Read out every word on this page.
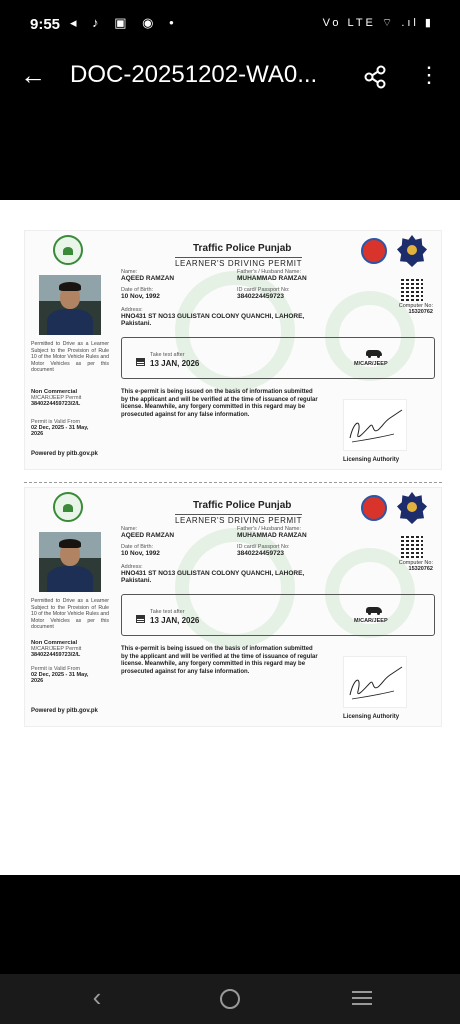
9:55 ◂ ♪ ▣ ◉ •	Vo LTE ⌔ .ıl ▮
← DOC-20251202-WA0...	⋮
Traffic Police Punjab
LEARNER'S DRIVING PERMIT
Name:
AQEED RAMZAN
Father's / Husband Name:
MUHAMMAD RAMZAN
Date of Birth:
10 Nov, 1992
ID card/ Passport No:
3840224459723
Computer No:
15320762
Address:
HNO431 ST NO13 GULISTAN COLONY QUANCHI, LAHORE,
Pakistani.
Permitted to Drive as a Learner Subject to the Provision of Rule 10 of the Motor Vehicle Rules and Motor Vehicles as per this document
Non Commercial
M/CAR/JEEP Permit
3840224459723/2/L
Permit is Valid From
02 Dec, 2025 - 31 May,
2026
Take test after
13 JAN, 2026	M/CAR/JEEP
This e-permit is being issued on the basis of information submitted by the applicant and will be verified at the time of issuance of regular license. Meanwhile, any forgery committed in this regard may be prosecuted against for any false information.
Licensing Authority
Powered by pitb.gov.pk
Traffic Police Punjab
LEARNER'S DRIVING PERMIT
Name:
AQEED RAMZAN
Father's / Husband Name:
MUHAMMAD RAMZAN
Date of Birth:
10 Nov, 1992
ID card/ Passport No:
3840224459723
Computer No:
15320762
Address:
HNO431 ST NO13 GULISTAN COLONY QUANCHI, LAHORE,
Pakistani.
Permitted to Drive as a Learner Subject to the Provision of Rule 10 of the Motor Vehicle Rules and Motor Vehicles as per this document
Non Commercial
M/CAR/JEEP Permit
3840224459723/2/L
Permit is Valid From
02 Dec, 2025 - 31 May,
2026
Take test after
13 JAN, 2026	M/CAR/JEEP
This e-permit is being issued on the basis of information submitted by the applicant and will be verified at the time of issuance of regular license. Meanwhile, any forgery committed in this regard may be prosecuted against for any false information.
Licensing Authority
Powered by pitb.gov.pk
‹
